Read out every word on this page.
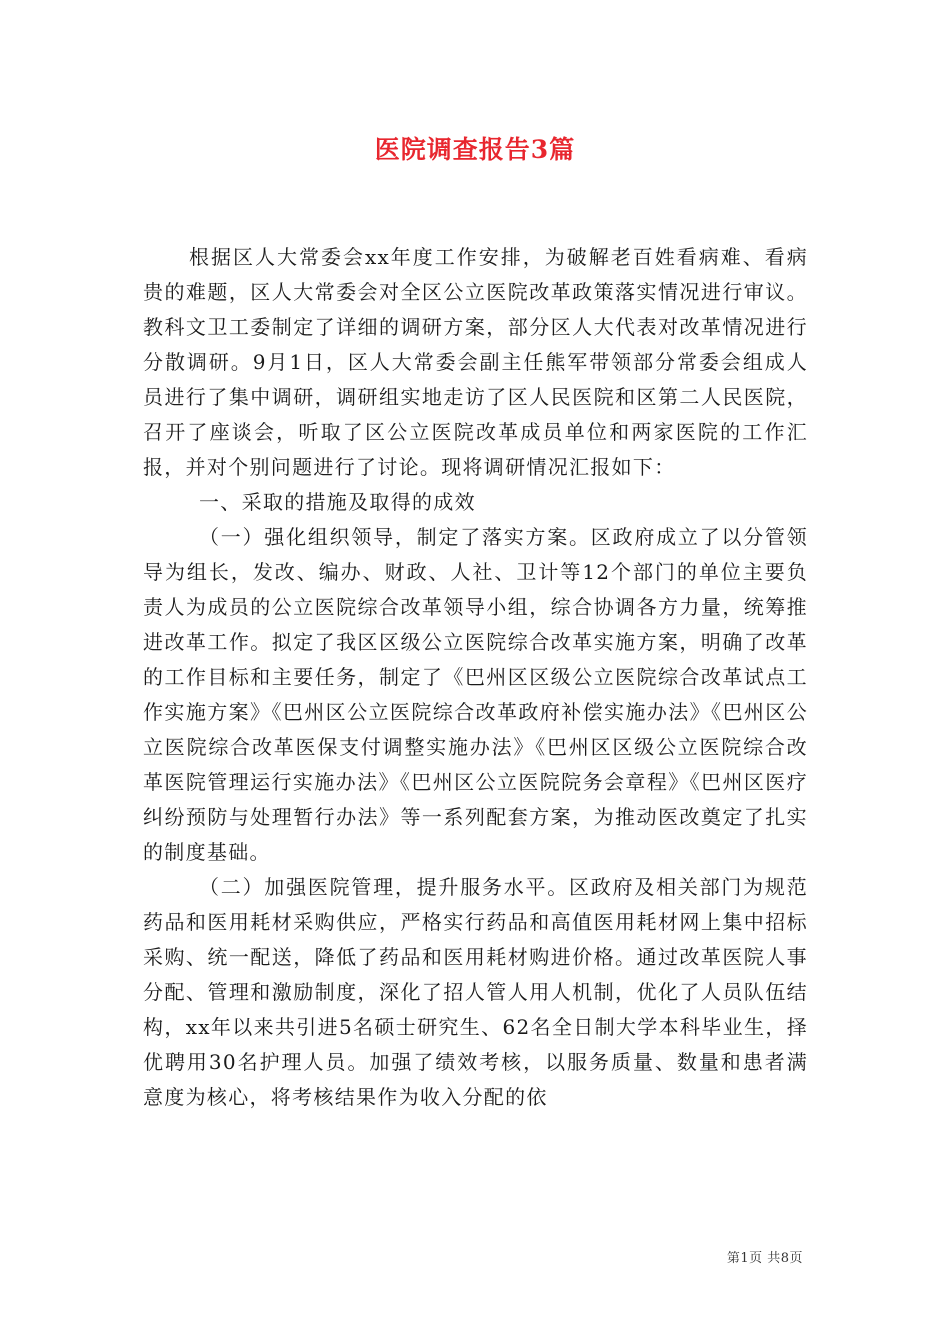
医院调查报告3篇

根据区人大常委会xx年度工作安排，为破解老百姓看病难、看病贵的难题，区人大常委会对全区公立医院改革政策落实情况进行审议。教科文卫工委制定了详细的调研方案，部分区人大代表对改革情况进行分散调研。9月1日，区人大常委会副主任熊军带领部分常委会组成人员进行了集中调研，调研组实地走访了区人民医院和区第二人民医院，召开了座谈会，听取了区公立医院改革成员单位和两家医院的工作汇报，并对个别问题进行了讨论。现将调研情况汇报如下：

一、采取的措施及取得的成效

（一）强化组织领导，制定了落实方案。区政府成立了以分管领导为组长，发改、编办、财政、人社、卫计等12个部门的单位主要负责人为成员的公立医院综合改革领导小组，综合协调各方力量，统筹推进改革工作。拟定了我区区级公立医院综合改革实施方案，明确了改革的工作目标和主要任务，制定了《巴州区区级公立医院综合改革试点工作实施方案》《巴州区公立医院综合改革政府补偿实施办法》《巴州区公立医院综合改革医保支付调整实施办法》《巴州区区级公立医院综合改革医院管理运行实施办法》《巴州区公立医院院务会章程》《巴州区医疗纠纷预防与处理暂行办法》等一系列配套方案，为推动医改奠定了扎实的制度基础。

（二）加强医院管理，提升服务水平。区政府及相关部门为规范药品和医用耗材采购供应，严格实行药品和高值医用耗材网上集中招标采购、统一配送，降低了药品和医用耗材购进价格。通过改革医院人事分配、管理和激励制度，深化了招人管人用人机制，优化了人员队伍结构，xx年以来共引进5名硕士研究生、62名全日制大学本科毕业生，择优聘用30名护理人员。加强了绩效考核，以服务质量、数量和患者满意度为核心，将考核结果作为收入分配的依

第1页 共8页
